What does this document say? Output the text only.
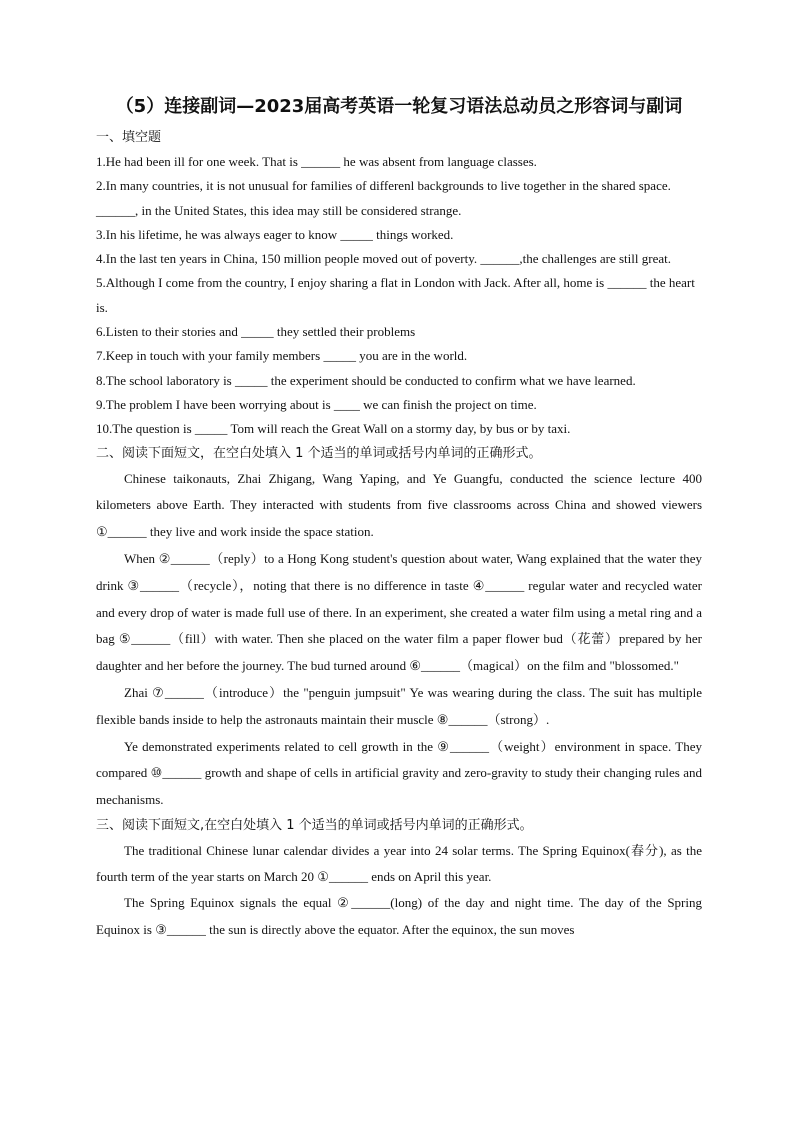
（5）连接副词—2023届高考英语一轮复习语法总动员之形容词与副词

一、填空题

1.He had been ill for one week. That is ______ he was absent from language classes.

2.In many countries, it is not unusual for families of differenl backgrounds to live together in the shared space. ______, in the United States, this idea may still be considered strange.

3.In his lifetime, he was always eager to know _____ things worked.

4.In the last ten years in China, 150 million people moved out of poverty. ______,the challenges are still great.

5.Although I come from the country, I enjoy sharing a flat in London with Jack. After all, home is ______ the heart is.

6.Listen to their stories and _____ they settled their problems

7.Keep in touch with your family members _____ you are in the world.

8.The school laboratory is _____ the experiment should be conducted to confirm what we have learned.

9.The problem I have been worrying about is ____ we can finish the project on time.

10.The question is _____ Tom will reach the Great Wall on a stormy day, by bus or by taxi.

二、阅读下面短文，在空白处填入 1 个适当的单词或括号内单词的正确形式。

Chinese taikonauts, Zhai Zhigang, Wang Yaping, and Ye Guangfu, conducted the science lecture 400 kilometers above Earth. They interacted with students from five classrooms across China and showed viewers ①______ they live and work inside the space station.

When ②______（reply）to a Hong Kong student's question about water, Wang explained that the water they drink ③______（recycle），noting that there is no difference in taste ④______ regular water and recycled water and every drop of water is made full use of there. In an experiment, she created a water film using a metal ring and a bag ⑤______（fill）with water. Then she placed on the water film a paper flower bud（花蕾）prepared by her daughter and her before the journey. The bud turned around ⑥______（magical）on the film and "blossomed."

Zhai ⑦______（introduce）the "penguin jumpsuit" Ye was wearing during the class. The suit has multiple flexible bands inside to help the astronauts maintain their muscle ⑧______（strong）.

Ye demonstrated experiments related to cell growth in the ⑨______（weight）environment in space. They compared ⑩______ growth and shape of cells in artificial gravity and zero-gravity to study their changing rules and mechanisms.

三、阅读下面短文,在空白处填入 1 个适当的单词或括号内单词的正确形式。

The traditional Chinese lunar calendar divides a year into 24 solar terms. The Spring Equinox(春分), as the fourth term of the year starts on March 20 ①______ ends on April this year.

The Spring Equinox signals the equal ②______(long) of the day and night time. The day of the Spring Equinox is ③______ the sun is directly above the equator. After the equinox, the sun moves
